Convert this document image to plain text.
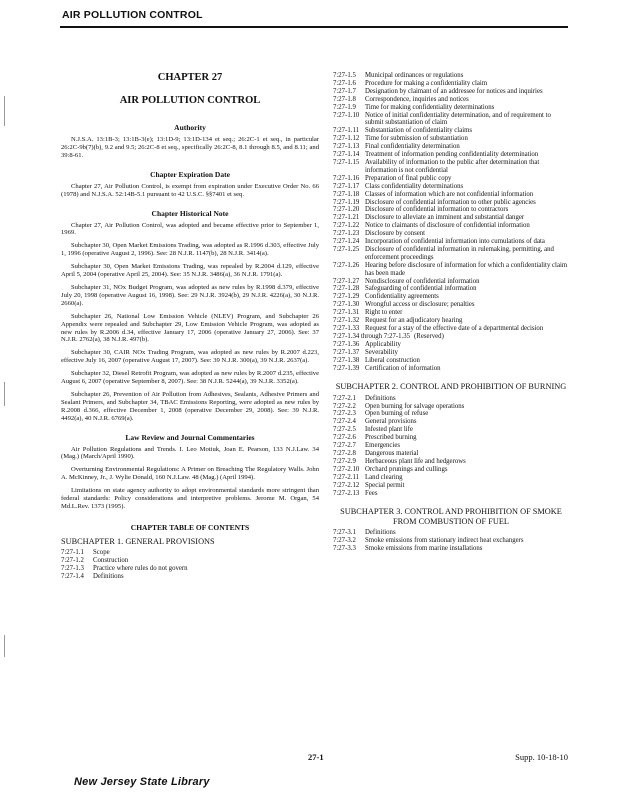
AIR POLLUTION CONTROL
CHAPTER 27
AIR POLLUTION CONTROL
Authority

N.J.S.A. 13:1B-3; 13:1B-3(e); 13:1D-9; 13:1D-134 et seq.; 26:2C-1 et seq., in particular 26:2C-9b(7)(b), 9.2 and 9.5; 26:2C-8 et seq., specifically 26:2C-8, 8.1 through 8.5, and 8.11; and 39:8-61.

Chapter Expiration Date

Chapter 27, Air Pollution Control, is exempt from expiration under Executive Order No. 66 (1978) and N.J.S.A. 52:14B-5.1 pursuant to 42 U.S.C. §§7401 et seq.

Chapter Historical Note

Chapter 27, Air Pollution Control, was adopted and became effective prior to September 1, 1969.

Subchapter 30, Open Market Emissions Trading, was adopted as R.1996 d.303, effective July 1, 1996 (operative August 2, 1996). See: 28 N.J.R. 1147(b), 28 N.J.R. 3414(a).

Subchapter 30, Open Market Emissions Trading, was repealed by R.2004 d.129, effective April 5, 2004 (operative April 25, 2004). See: 35 N.J.R. 3486(a), 36 N.J.R. 1791(a).

Subchapter 31, NOx Budget Program, was adopted as new rules by R.1998 d.379, effective July 20, 1998 (operative August 16, 1998). See: 29 N.J.R. 3924(b), 29 N.J.R. 4226(a), 30 N.J.R. 2660(a).

Subchapter 26, National Low Emission Vehicle (NLEV) Program, and Subchapter 26 Appendix were repealed and Subchapter 29, Low Emission Vehicle Program, was adopted as new rules by R.2006 d.34, effective January 17, 2006 (operative January 27, 2006). See: 37 N.J.R. 2762(a), 38 N.J.R. 497(b).

Subchapter 30, CAIR NOx Trading Program, was adopted as new rules by R.2007 d.223, effective July 16, 2007 (operative August 17, 2007). See: 39 N.J.R. 300(a), 39 N.J.R. 2637(a).

Subchapter 32, Diesel Retrofit Program, was adopted as new rules by R.2007 d.235, effective August 6, 2007 (operative September 8, 2007). See: 38 N.J.R. 5244(a), 39 N.J.R. 3352(a).

Subchapter 26, Prevention of Air Pollution from Adhesives, Sealants, Adhesive Primers and Sealant Primers, and Subchapter 34, TBAC Emissions Reporting, were adopted as new rules by R.2008 d.366, effective December 1, 2008 (operative December 29, 2008). See: 39 N.J.R. 4492(a), 40 N.J.R. 6769(a).

Law Review and Journal Commentaries

Air Pollution Regulations and Trends. I. Leo Motiuk, Joan E. Pearson, 133 N.J.Law. 34 (Mag.) (March/April 1990).

Overturning Environmental Regulations: A Primer on Breaching The Regulatory Walls. John A. McKinney, Jr., J. Wylie Donald, 160 N.J.Law. 48 (Mag.) (April 1994).

Limitations on state agency authority to adopt environmental standards more stringent than federal standards: Policy considerations and interpretive problems. Jerome M. Organ, 54 Md.L.Rev. 1373 (1995).

CHAPTER TABLE OF CONTENTS
SUBCHAPTER 1. GENERAL PROVISIONS
7:27-1.1	Scope
7:27-1.2	Construction
7:27-1.3	Practice where rules do not govern
7:27-1.4	Definitions
7:27-1.5	Municipal ordinances or regulations
7:27-1.6	Procedure for making a confidentiality claim
7:27-1.7	Designation by claimant of an addressee for notices and inquiries
7:27-1.8	Correspondence, inquiries and notices
7:27-1.9	Time for making confidentiality determinations
7:27-1.10 Notice of initial confidentiality determination, and of requirement to submit substantiation of claim
7:27-1.11 Substantiation of confidentiality claims
7:27-1.12 Time for submission of substantiation
7:27-1.13 Final confidentiality determination
7:27-1.14 Treatment of information pending confidentiality determination
7:27-1.15 Availability of information to the public after determination that information is not confidential
7:27-1.16 Preparation of final public copy
7:27-1.17 Class confidentiality determinations
7:27-1.18 Classes of information which are not confidential information
7:27-1.19 Disclosure of confidential information to other public agencies
7:27-1.20 Disclosure of confidential information to contractors
7:27-1.21 Disclosure to alleviate an imminent and substantial danger
7:27-1.22 Notice to claimants of disclosure of confidential information
7:27-1.23 Disclosure by consent
7:27-1.24 Incorporation of confidential information into cumulations of data
7:27-1.25 Disclosure of confidential information in rulemaking, permitting, and enforcement proceedings
7:27-1.26 Hearing before disclosure of information for which a confidentiality claim has been made
7:27-1.27 Nondisclosure of confidential information
7:27-1.28 Safeguarding of confidential information
7:27-1.29 Confidentiality agreements
7:27-1.30 Wrongful access or disclosure; penalties
7:27-1.31 Right to enter
7:27-1.32 Request for an adjudicatory hearing
7:27-1.33 Request for a stay of the effective date of a departmental decision
7:27-1.34 through 7:27-1.35 (Reserved)
7:27-1.36 Applicability
7:27-1.37 Severability
7:27-1.38 Liberal construction
7:27-1.39 Certification of information
SUBCHAPTER 2. CONTROL AND PROHIBITION OF BURNING
7:27-2.1	Definitions
7:27-2.2	Open burning for salvage operations
7:27-2.3	Open burning of refuse
7:27-2.4	General provisions
7:27-2.5	Infested plant life
7:27-2.6	Prescribed burning
7:27-2.7	Emergencies
7:27-2.8	Dangerous material
7:27-2.9	Herbaceous plant life and hedgerows
7:27-2.10 Orchard prunings and cullings
7:27-2.11 Land clearing
7:27-2.12 Special permit
7:27-2.13 Fees
SUBCHAPTER 3. CONTROL AND PROHIBITION OF SMOKE FROM COMBUSTION OF FUEL
7:27-3.1	Definitions
7:27-3.2	Smoke emissions from stationary indirect heat exchangers
7:27-3.3	Smoke emissions from marine installations
27-1	Supp. 10-18-10
New Jersey State Library
